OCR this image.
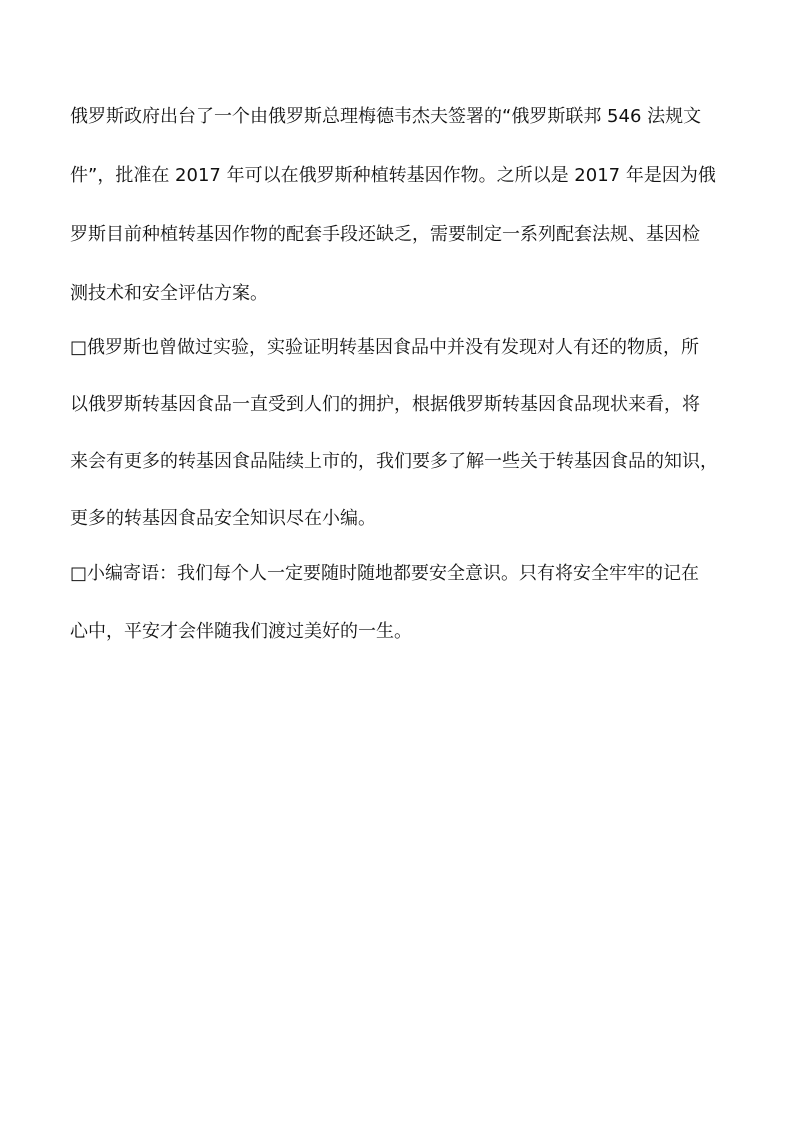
俄罗斯政府出台了一个由俄罗斯总理梅德韦杰夫签署的“俄罗斯联邦 546 法规文
件”，批准在 2017 年可以在俄罗斯种植转基因作物。之所以是 2017 年是因为俄
罗斯目前种植转基因作物的配套手段还缺乏，需要制定一系列配套法规、基因检
测技术和安全评估方案。
□俄罗斯也曾做过实验，实验证明转基因食品中并没有发现对人有还的物质，所
以俄罗斯转基因食品一直受到人们的拥护，根据俄罗斯转基因食品现状来看，将
来会有更多的转基因食品陆续上市的，我们要多了解一些关于转基因食品的知识，
更多的转基因食品安全知识尽在小编。
□小编寄语：我们每个人一定要随时随地都要安全意识。只有将安全牢牢的记在
心中，平安才会伴随我们渡过美好的一生。
